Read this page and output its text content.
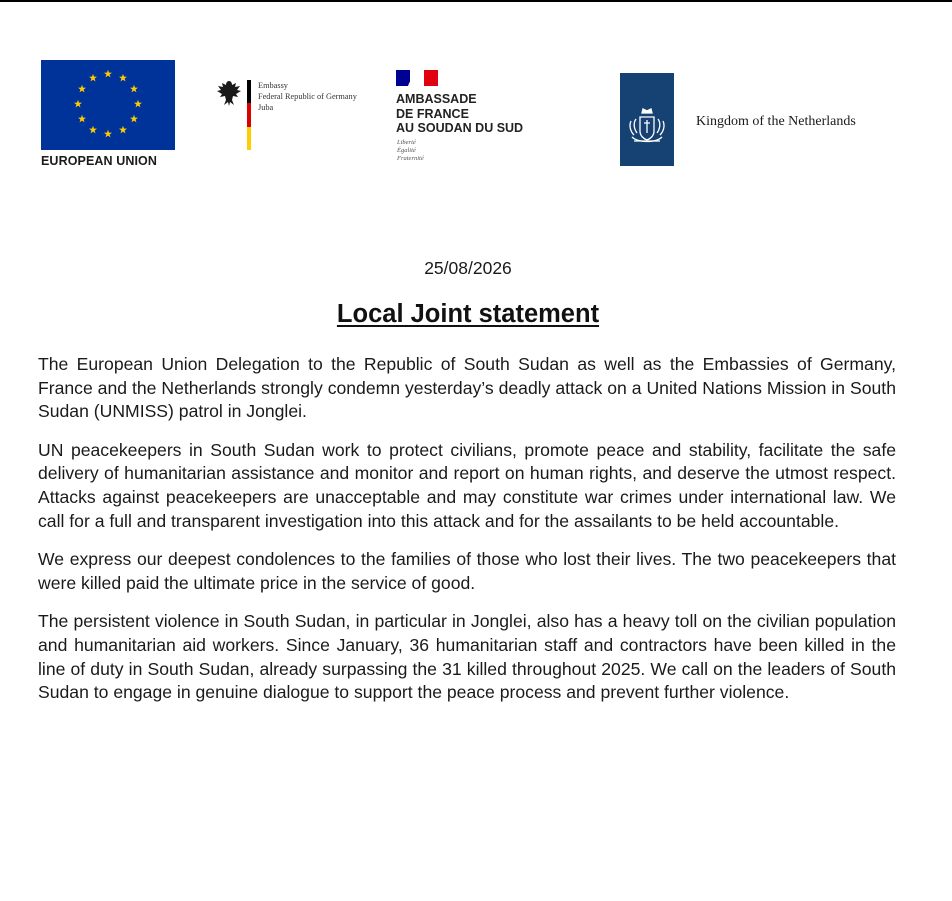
EUROPEAN UNION
Embassy
Federal Republic of Germany
Juba
AMBASSADE
DE FRANCE
AU SOUDAN DU SUD
Liberté
Égalité
Fraternité
Kingdom of the Netherlands
25/08/2026
Local Joint statement

The European Union Delegation to the Republic of South Sudan as well as the Embassies of Germany, France and the Netherlands strongly condemn yesterday’s deadly attack on a United Nations Mission in South Sudan (UNMISS) patrol in Jonglei.

UN peacekeepers in South Sudan work to protect civilians, promote peace and stability, facilitate the safe delivery of humanitarian assistance and monitor and report on human rights, and deserve the utmost respect. Attacks against peacekeepers are unacceptable and may constitute war crimes under international law. We call for a full and transparent investigation into this attack and for the assailants to be held accountable.

We express our deepest condolences to the families of those who lost their lives. The two peacekeepers that were killed paid the ultimate price in the service of good.

The persistent violence in South Sudan, in particular in Jonglei, also has a heavy toll on the civilian population and humanitarian aid workers. Since January, 36 humanitarian staff and contractors have been killed in the line of duty in South Sudan, already surpassing the 31 killed throughout 2025. We call on the leaders of South Sudan to engage in genuine dialogue to support the peace process and prevent further violence.
